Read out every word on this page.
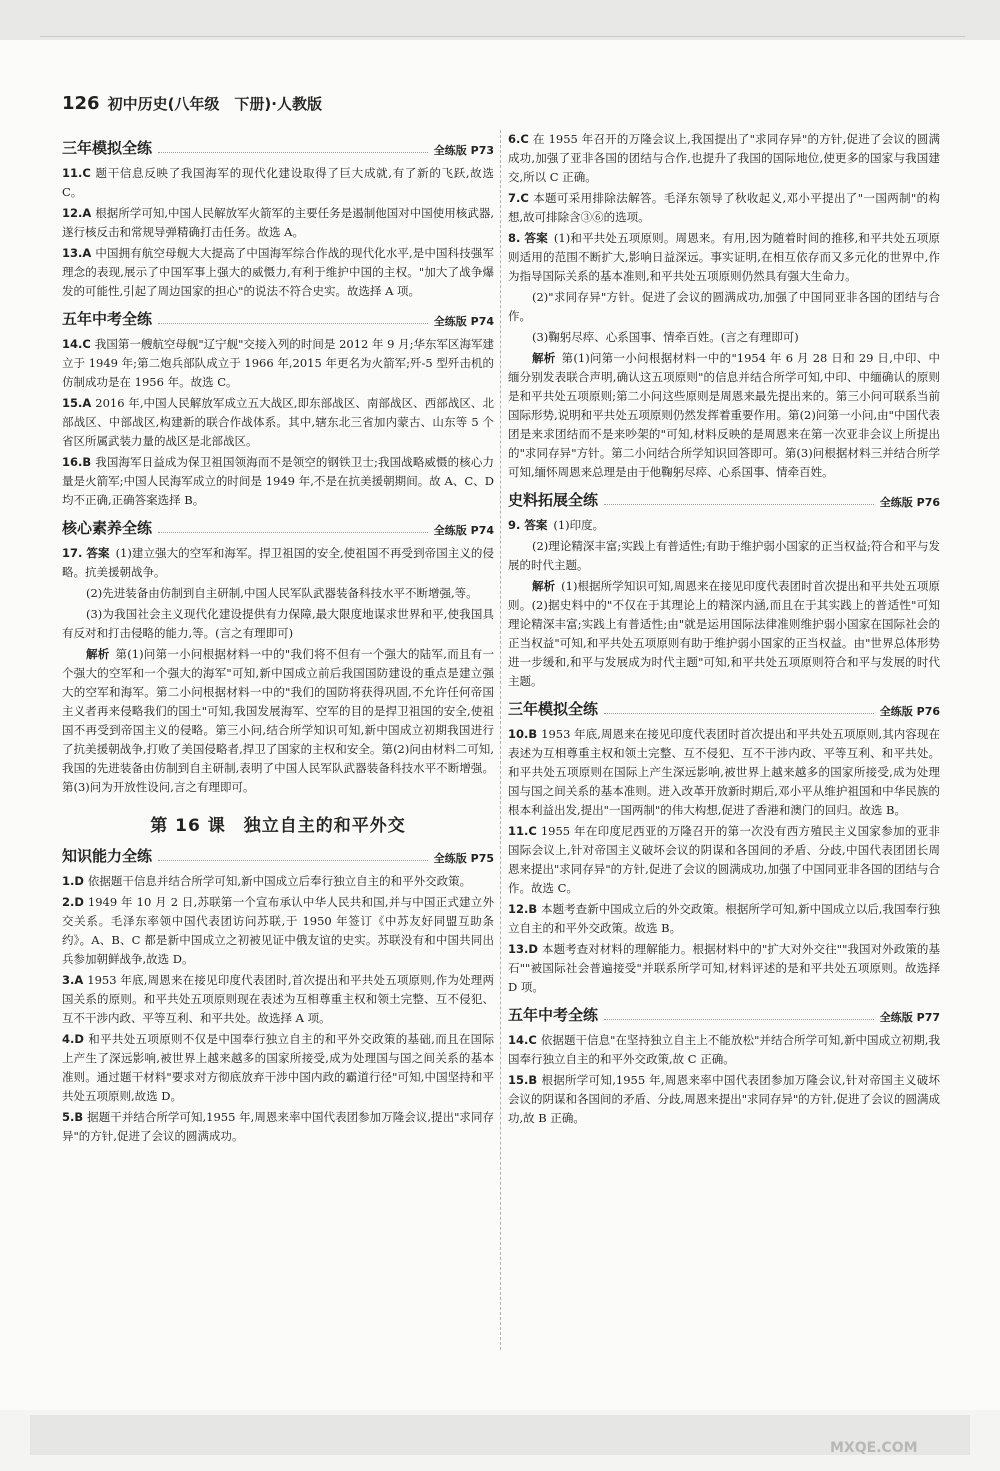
126 初中历史(八年级　下册)·人教版
三年模拟全练	全练版 P73
11.C 题干信息反映了我国海军的现代化建设取得了巨大成就,有了新的飞跃,故选 C。
12.A 根据所学可知,中国人民解放军火箭军的主要任务是遏制他国对中国使用核武器,遂行核反击和常规导弹精确打击任务。故选 A。
13.A 中国拥有航空母舰大大提高了中国海军综合作战的现代化水平,是中国科技强军理念的表现,展示了中国军事上强大的威慑力,有利于维护中国的主权。"加大了战争爆发的可能性,引起了周边国家的担心"的说法不符合史实。故选择 A 项。
五年中考全练	全练版 P74
14.C 我国第一艘航空母舰"辽宁舰"交接入列的时间是 2012 年 9 月;华东军区海军建立于 1949 年;第二炮兵部队成立于 1966 年,2015 年更名为火箭军;歼-5 型歼击机的仿制成功是在 1956 年。故选 C。
15.A 2016 年,中国人民解放军成立五大战区,即东部战区、南部战区、西部战区、北部战区、中部战区,构建新的联合作战体系。其中,辖东北三省加内蒙古、山东等 5 个省区所属武装力量的战区是北部战区。
16.B 我国海军日益成为保卫祖国领海而不是领空的钢铁卫士;我国战略威慑的核心力量是火箭军;中国人民海军成立的时间是 1949 年,不是在抗美援朝期间。故 A、C、D 均不正确,正确答案选择 B。
核心素养全练	全练版 P74
17. 答案 (1)建立强大的空军和海军。捍卫祖国的安全,使祖国不再受到帝国主义的侵略。抗美援朝战争。
(2)先进装备由仿制到自主研制,中国人民军队武器装备科技水平不断增强,等。
(3)为我国社会主义现代化建设提供有力保障,最大限度地谋求世界和平,使我国具有反对和打击侵略的能力,等。(言之有理即可)
解析 第(1)问第一小问根据材料一中的"我们将不但有一个强大的陆军,而且有一个强大的空军和一个强大的海军"可知,新中国成立前后我国国防建设的重点是建立强大的空军和海军。第二小问根据材料一中的"我们的国防将获得巩固,不允许任何帝国主义者再来侵略我们的国土"可知,我国发展海军、空军的目的是捍卫祖国的安全,使祖国不再受到帝国主义的侵略。第三小问,结合所学知识可知,新中国成立初期我国进行了抗美援朝战争,打败了美国侵略者,捍卫了国家的主权和安全。第(2)问由材料二可知,我国的先进装备由仿制到自主研制,表明了中国人民军队武器装备科技水平不断增强。第(3)问为开放性设问,言之有理即可。
第 16 课　独立自主的和平外交
知识能力全练	全练版 P75
1.D 依据题干信息并结合所学可知,新中国成立后奉行独立自主的和平外交政策。
2.D 1949 年 10 月 2 日,苏联第一个宣布承认中华人民共和国,并与中国正式建立外交关系。毛泽东率领中国代表团访问苏联,于 1950 年签订《中苏友好同盟互助条约》。A、B、C 都是新中国成立之初被见证中俄友谊的史实。苏联没有和中国共同出兵参加朝鲜战争,故选 D。
3.A 1953 年底,周恩来在接见印度代表团时,首次提出和平共处五项原则,作为处理两国关系的原则。和平共处五项原则现在表述为互相尊重主权和领土完整、互不侵犯、互不干涉内政、平等互利、和平共处。故选择 A 项。
4.D 和平共处五项原则不仅是中国奉行独立自主的和平外交政策的基础,而且在国际上产生了深远影响,被世界上越来越多的国家所接受,成为处理国与国之间关系的基本准则。通过题干材料"要求对方彻底放弃干涉中国内政的霸道行径"可知,中国坚持和平共处五项原则,故选 D。
5.B 据题干并结合所学可知,1955 年,周恩来率中国代表团参加万隆会议,提出"求同存异"的方针,促进了会议的圆满成功。
6.C 在 1955 年召开的万隆会议上,我国提出了"求同存异"的方针,促进了会议的圆满成功,加强了亚非各国的团结与合作,也提升了我国的国际地位,使更多的国家与我国建交,所以 C 正确。
7.C 本题可采用排除法解答。毛泽东领导了秋收起义,邓小平提出了"一国两制"的构想,故可排除含③⑥的选项。
8. 答案 (1)和平共处五项原则。周恩来。有用,因为随着时间的推移,和平共处五项原则适用的范围不断扩大,影响日益深远。事实证明,在相互依存而又多元化的世界中,作为指导国际关系的基本准则,和平共处五项原则仍然具有强大生命力。
(2)"求同存异"方针。促进了会议的圆满成功,加强了中国同亚非各国的团结与合作。
(3)鞠躬尽瘁、心系国事、情牵百姓。(言之有理即可)
解析 第(1)问第一小问根据材料一中的"1954 年 6 月 28 日和 29 日,中印、中缅分别发表联合声明,确认这五项原则"的信息并结合所学可知,中印、中缅确认的原则是和平共处五项原则;第二小问这些原则是周恩来最先提出来的。第三小问可联系当前国际形势,说明和平共处五项原则仍然发挥着重要作用。第(2)问第一小问,由"中国代表团是来求团结而不是来吵架的"可知,材料反映的是周恩来在第一次亚非会议上所提出的"求同存异"方针。第二小问结合所学知识回答即可。第(3)问根据材料三并结合所学可知,缅怀周恩来总理是由于他鞠躬尽瘁、心系国事、情牵百姓。
史料拓展全练	全练版 P76
9. 答案 (1)印度。
(2)理论精深丰富;实践上有普适性;有助于维护弱小国家的正当权益;符合和平与发展的时代主题。
解析 (1)根据所学知识可知,周恩来在接见印度代表团时首次提出和平共处五项原则。(2)据史料中的"不仅在于其理论上的精深内涵,而且在于其实践上的普适性"可知理论精深丰富;实践上有普适性;由"就是运用国际法律准则维护弱小国家在国际社会的正当权益"可知,和平共处五项原则有助于维护弱小国家的正当权益。由"世界总体形势进一步缓和,和平与发展成为时代主题"可知,和平共处五项原则符合和平与发展的时代主题。
三年模拟全练	全练版 P76
10.B 1953 年底,周恩来在接见印度代表团时首次提出和平共处五项原则,其内容现在表述为互相尊重主权和领土完整、互不侵犯、互不干涉内政、平等互利、和平共处。和平共处五项原则在国际上产生深远影响,被世界上越来越多的国家所接受,成为处理国与国之间关系的基本准则。进入改革开放新时期后,邓小平从维护祖国和中华民族的根本利益出发,提出"一国两制"的伟大构想,促进了香港和澳门的回归。故选 B。
11.C 1955 年在印度尼西亚的万隆召开的第一次没有西方殖民主义国家参加的亚非国际会议上,针对帝国主义破坏会议的阴谋和各国间的矛盾、分歧,中国代表团团长周恩来提出"求同存异"的方针,促进了会议的圆满成功,加强了中国同亚非各国的团结与合作。故选 C。
12.B 本题考查新中国成立后的外交政策。根据所学可知,新中国成立以后,我国奉行独立自主的和平外交政策。故选 B。
13.D 本题考查对材料的理解能力。根据材料中的"扩大对外交往""我国对外政策的基石""被国际社会普遍接受"并联系所学可知,材料评述的是和平共处五项原则。故选择 D 项。
五年中考全练	全练版 P77
14.C 依据题干信息"在坚持独立自主上不能放松"并结合所学可知,新中国成立初期,我国奉行独立自主的和平外交政策,故 C 正确。
15.B 根据所学可知,1955 年,周恩来率中国代表团参加万隆会议,针对帝国主义破坏会议的阴谋和各国间的矛盾、分歧,周恩来提出"求同存异"的方针,促进了会议的圆满成功,故 B 正确。
MXQE.COM
